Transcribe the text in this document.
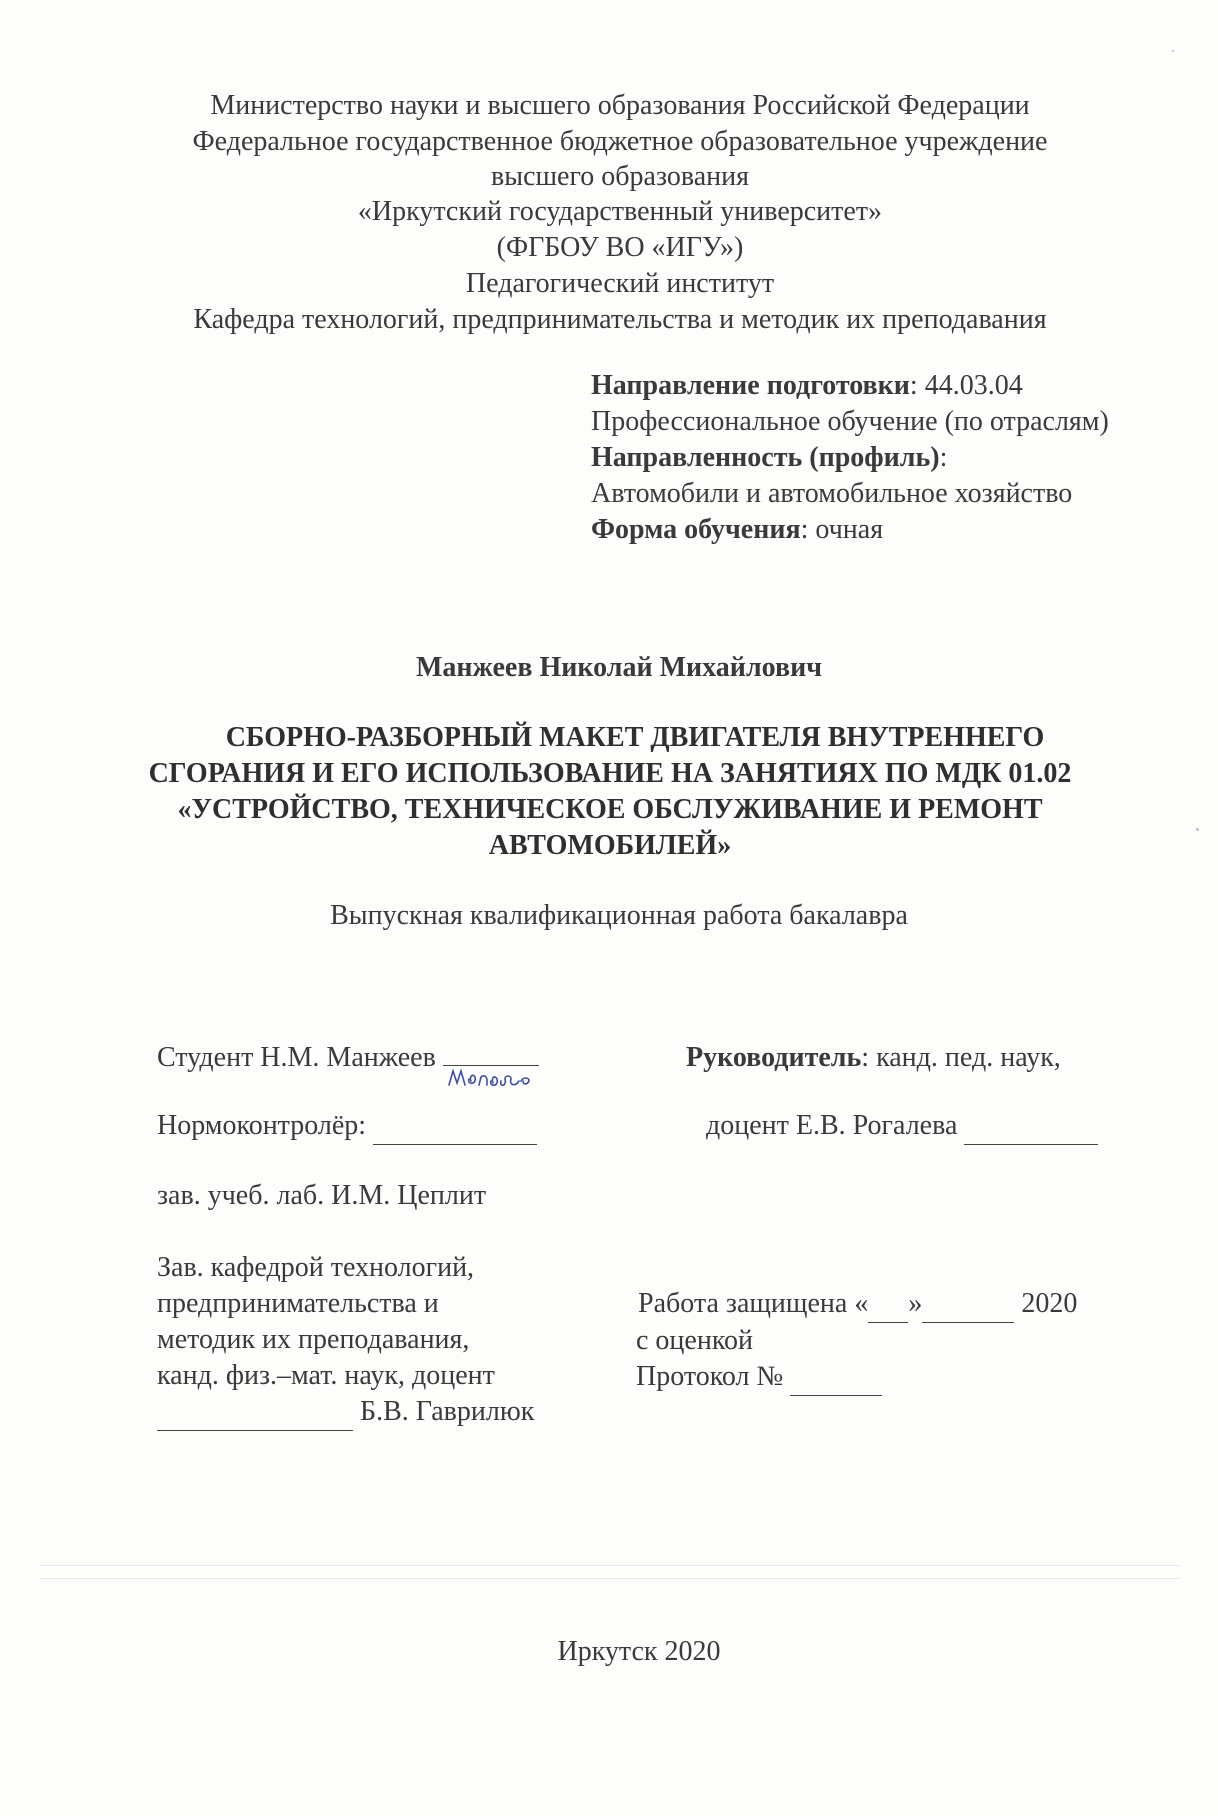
Министерство науки и высшего образования Российской Федерации
Федеральное государственное бюджетное образовательное учреждение
высшего образования
«Иркутский государственный университет»
(ФГБОУ ВО «ИГУ»)
Педагогический институт
Кафедра технологий, предпринимательства и методик их преподавания
Направление подготовки: 44.03.04
Профессиональное обучение (по отраслям)
Направленность (профиль):
Автомобили и автомобильное хозяйство
Форма обучения: очная
Манжеев Николай Михайлович
СБОРНО-РАЗБОРНЫЙ МАКЕТ ДВИГАТЕЛЯ ВНУТРЕННЕГО
СГОРАНИЯ И ЕГО ИСПОЛЬЗОВАНИЕ НА ЗАНЯТИЯХ ПО МДК 01.02
«УСТРОЙСТВО, ТЕХНИЧЕСКОЕ ОБСЛУЖИВАНИЕ И РЕМОНТ
АВТОМОБИЛЕЙ»
Выпускная квалификационная работа бакалавра
Студент Н.М. Манжеев	Руководитель: канд. пед. наук,
Нормоконтролёр:	доцент Е.В. Рогалева
зав. учеб. лаб. И.М. Цеплит
Зав. кафедрой технологий,
предпринимательства и
методик их преподавания,
канд. физ.–мат. наук, доцент
Б.В. Гаврилюк
Работа защищена « »	2020
с оценкой
Протокол №
Иркутск 2020
